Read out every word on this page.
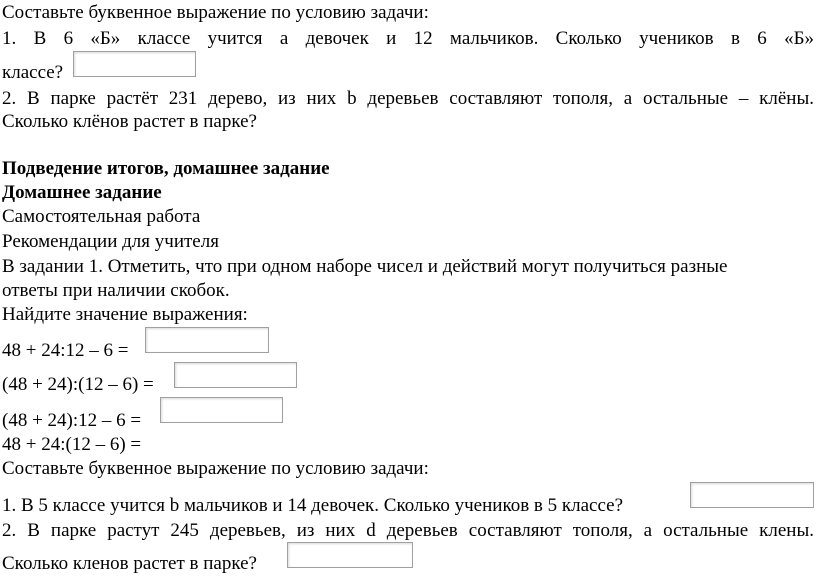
Составьте буквенное выражение по условию задачи:
1. В 6 «Б» классе учится a девочек и 12 мальчиков. Сколько учеников в 6 «Б»
классе?
2. В парке растёт 231 дерево, из них b деревьев составляют тополя, а остальные – клёны.
Сколько клёнов растет в парке?
Подведение итогов, домашнее задание
Домашнее задание
Самостоятельная работа
Рекомендации для учителя
В задании 1. Отметить, что при одном наборе чисел и действий могут получиться разные
ответы при наличии скобок.
Найдите значение выражения:
48 + 24:12 – 6 =
(48 + 24):(12 – 6) =
(48 + 24):12 – 6 =
48 + 24:(12 – 6) =
Составьте буквенное выражение по условию задачи:
1. В 5 классе учится b мальчиков и 14 девочек. Сколько учеников в 5 классе?
2. В парке растут 245 деревьев, из них d деревьев составляют тополя, а остальные клены.
Сколько кленов растет в парке?
